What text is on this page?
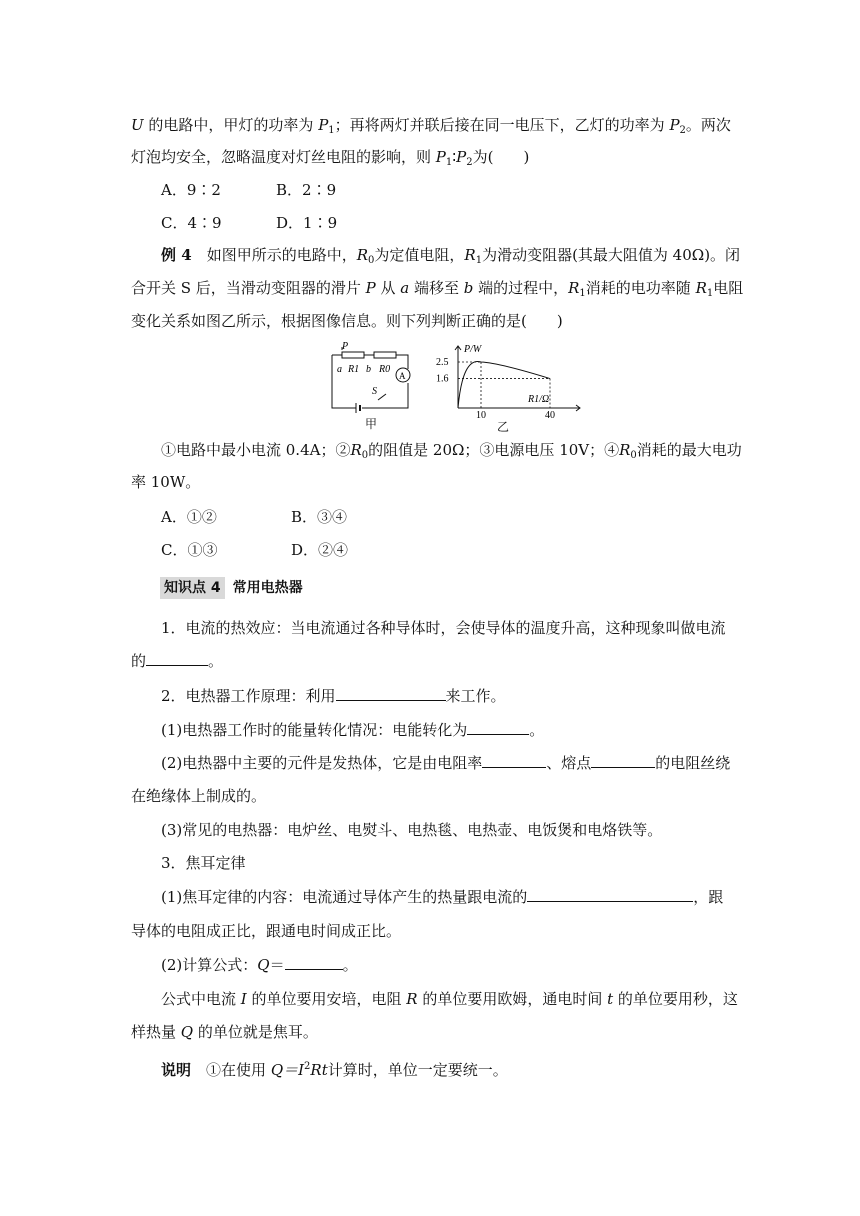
U 的电路中，甲灯的功率为 $P_1$；再将两灯并联后接在同一电压下，乙灯的功率为 $P_2$。两次
灯泡均安全，忽略温度对灯丝电阻的影响，则 $P_1∶P_2$为(　　)
A．9∶2	B．2∶9
C．4∶9	D．1∶9
例 4　 如图甲所示的电路中，$R_0$为定值电阻，$R_1$为滑动变阻器(其最大阻值为 40Ω)。闭
合开关 S 后，当滑动变阻器的滑片 P 从 a 端移至 b 端的过程中，$R_1$消耗的电功率随 $R_1$电阻
变化关系如图乙所示，根据图像信息。则下列判断正确的是(　　)
P
a R1 b R0
A
S
甲
P/W
R1/Ω
2.5
1.6
10	40
乙
①电路中最小电流 0.4A；$②R_0$的阻值是 20Ω；③电源电压 10V；$④R_0$消耗的最大电功
率 10W。
A．①②	B．③④
C．①③	D．②④
知识点 4 常用电热器
1．电流的热效应：当电流通过各种导体时，会使导体的温度升高，这种现象叫做电流
的	。
2．电热器工作原理：利用	来工作。
(1)电热器工作时的能量转化情况：电能转化为	。
(2)电热器中主要的元件是发热体，它是由电阻率	、熔点	的电阻丝绕
在绝缘体上制成的。
(3)常见的电热器：电炉丝、电熨斗、电热毯、电热壶、电饭煲和电烙铁等。
3．焦耳定律
(1)焦耳定律的内容：电流通过导体产生的热量跟电流的	，跟
导体的电阻成正比，跟通电时间成正比。
(2)计算公式：Q＝	。
公式中电流 I 的单位要用安培，电阻 R 的单位要用欧姆，通电时间 t 的单位要用秒，这
样热量 Q 的单位就是焦耳。
说明　 ①在使用 $Q=I^2Rt$计算时，单位一定要统一。
